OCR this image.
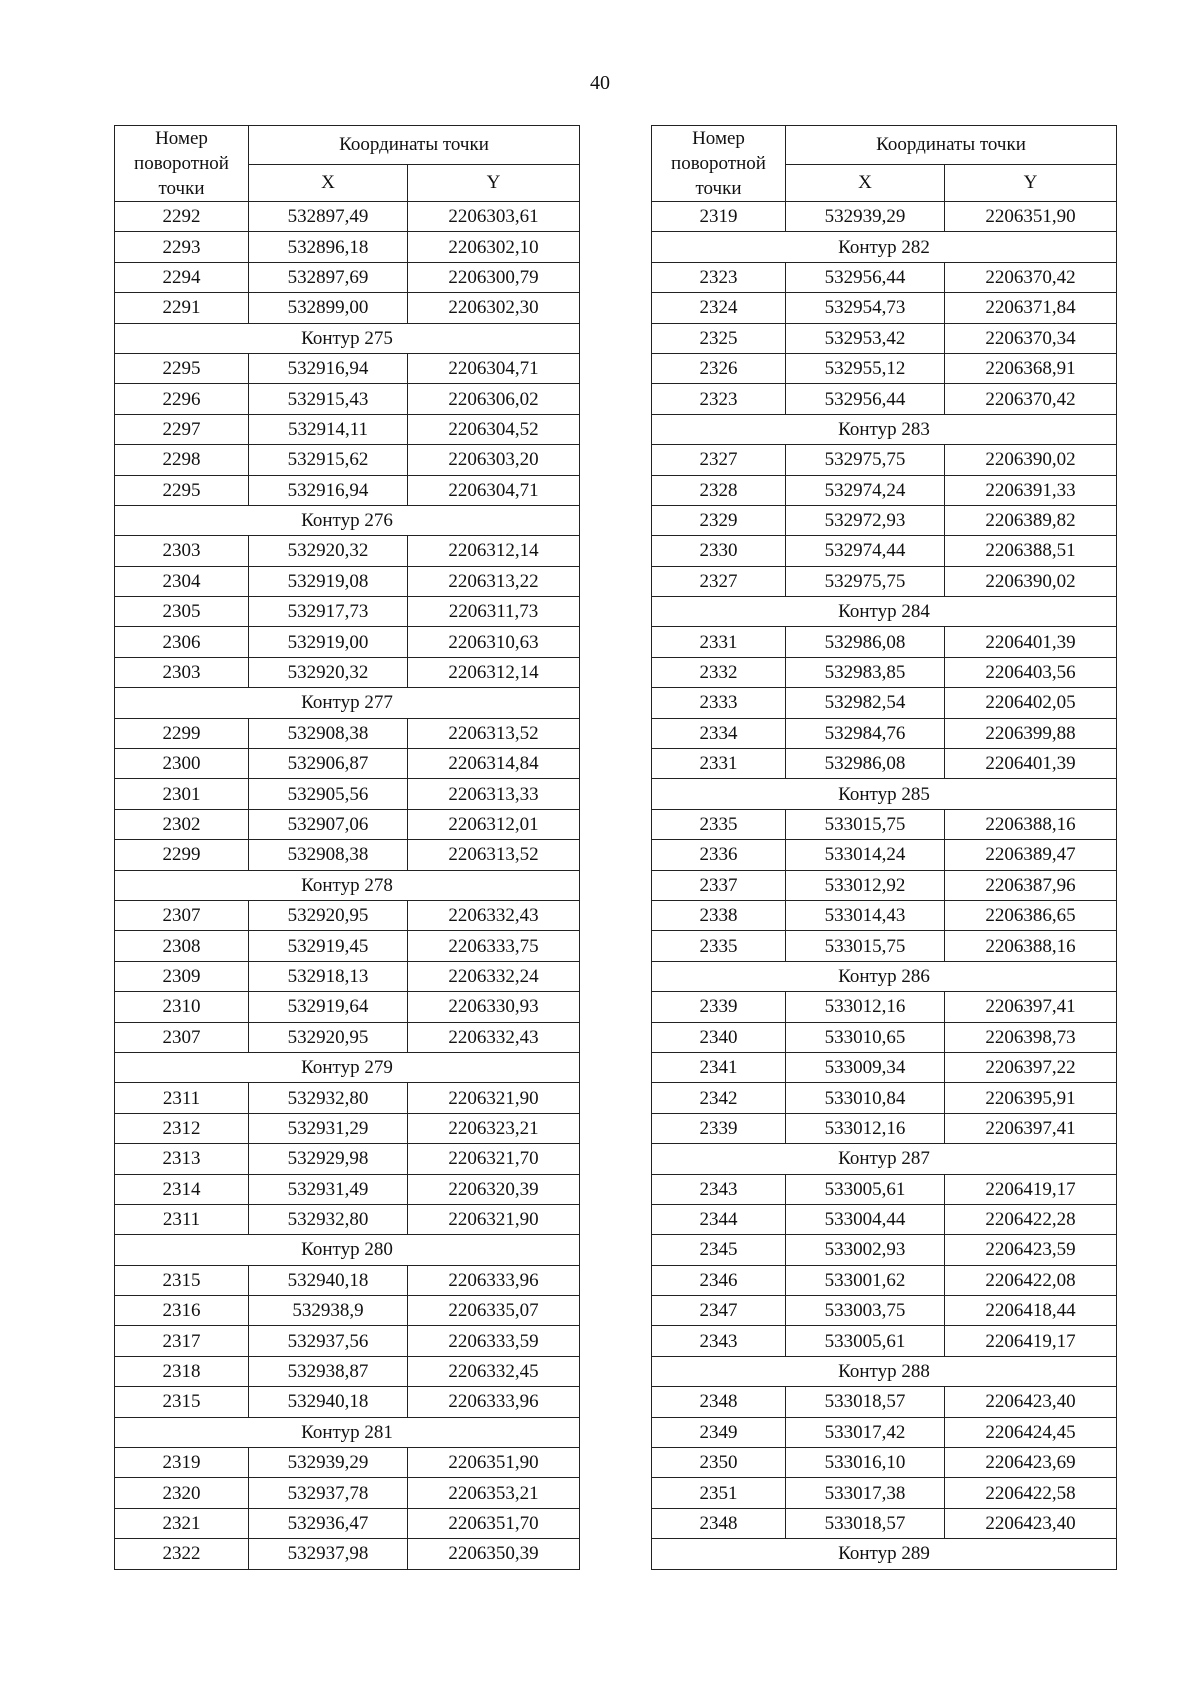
40
Номер
поворотной
точки	Координаты точки	
	X	Y
2292	532897,49	2206303,61
2293	532896,18	2206302,10
2294	532897,69	2206300,79
2291	532899,00	2206302,30
Контур 275		
2295	532916,94	2206304,71
2296	532915,43	2206306,02
2297	532914,11	2206304,52
2298	532915,62	2206303,20
2295	532916,94	2206304,71
Контур 276		
2303	532920,32	2206312,14
2304	532919,08	2206313,22
2305	532917,73	2206311,73
2306	532919,00	2206310,63
2303	532920,32	2206312,14
Контур 277		
2299	532908,38	2206313,52
2300	532906,87	2206314,84
2301	532905,56	2206313,33
2302	532907,06	2206312,01
2299	532908,38	2206313,52
Контур 278		
2307	532920,95	2206332,43
2308	532919,45	2206333,75
2309	532918,13	2206332,24
2310	532919,64	2206330,93
2307	532920,95	2206332,43
Контур 279		
2311	532932,80	2206321,90
2312	532931,29	2206323,21
2313	532929,98	2206321,70
2314	532931,49	2206320,39
2311	532932,80	2206321,90
Контур 280		
2315	532940,18	2206333,96
2316	532938,9	2206335,07
2317	532937,56	2206333,59
2318	532938,87	2206332,45
2315	532940,18	2206333,96
Контур 281		
2319	532939,29	2206351,90
2320	532937,78	2206353,21
2321	532936,47	2206351,70
2322	532937,98	2206350,39
Номер
поворотной
точки	Координаты точки	
	X	Y
2319	532939,29	2206351,90
Контур 282		
2323	532956,44	2206370,42
2324	532954,73	2206371,84
2325	532953,42	2206370,34
2326	532955,12	2206368,91
2323	532956,44	2206370,42
Контур 283		
2327	532975,75	2206390,02
2328	532974,24	2206391,33
2329	532972,93	2206389,82
2330	532974,44	2206388,51
2327	532975,75	2206390,02
Контур 284		
2331	532986,08	2206401,39
2332	532983,85	2206403,56
2333	532982,54	2206402,05
2334	532984,76	2206399,88
2331	532986,08	2206401,39
Контур 285		
2335	533015,75	2206388,16
2336	533014,24	2206389,47
2337	533012,92	2206387,96
2338	533014,43	2206386,65
2335	533015,75	2206388,16
Контур 286		
2339	533012,16	2206397,41
2340	533010,65	2206398,73
2341	533009,34	2206397,22
2342	533010,84	2206395,91
2339	533012,16	2206397,41
Контур 287		
2343	533005,61	2206419,17
2344	533004,44	2206422,28
2345	533002,93	2206423,59
2346	533001,62	2206422,08
2347	533003,75	2206418,44
2343	533005,61	2206419,17
Контур 288		
2348	533018,57	2206423,40
2349	533017,42	2206424,45
2350	533016,10	2206423,69
2351	533017,38	2206422,58
2348	533018,57	2206423,40
Контур 289		
